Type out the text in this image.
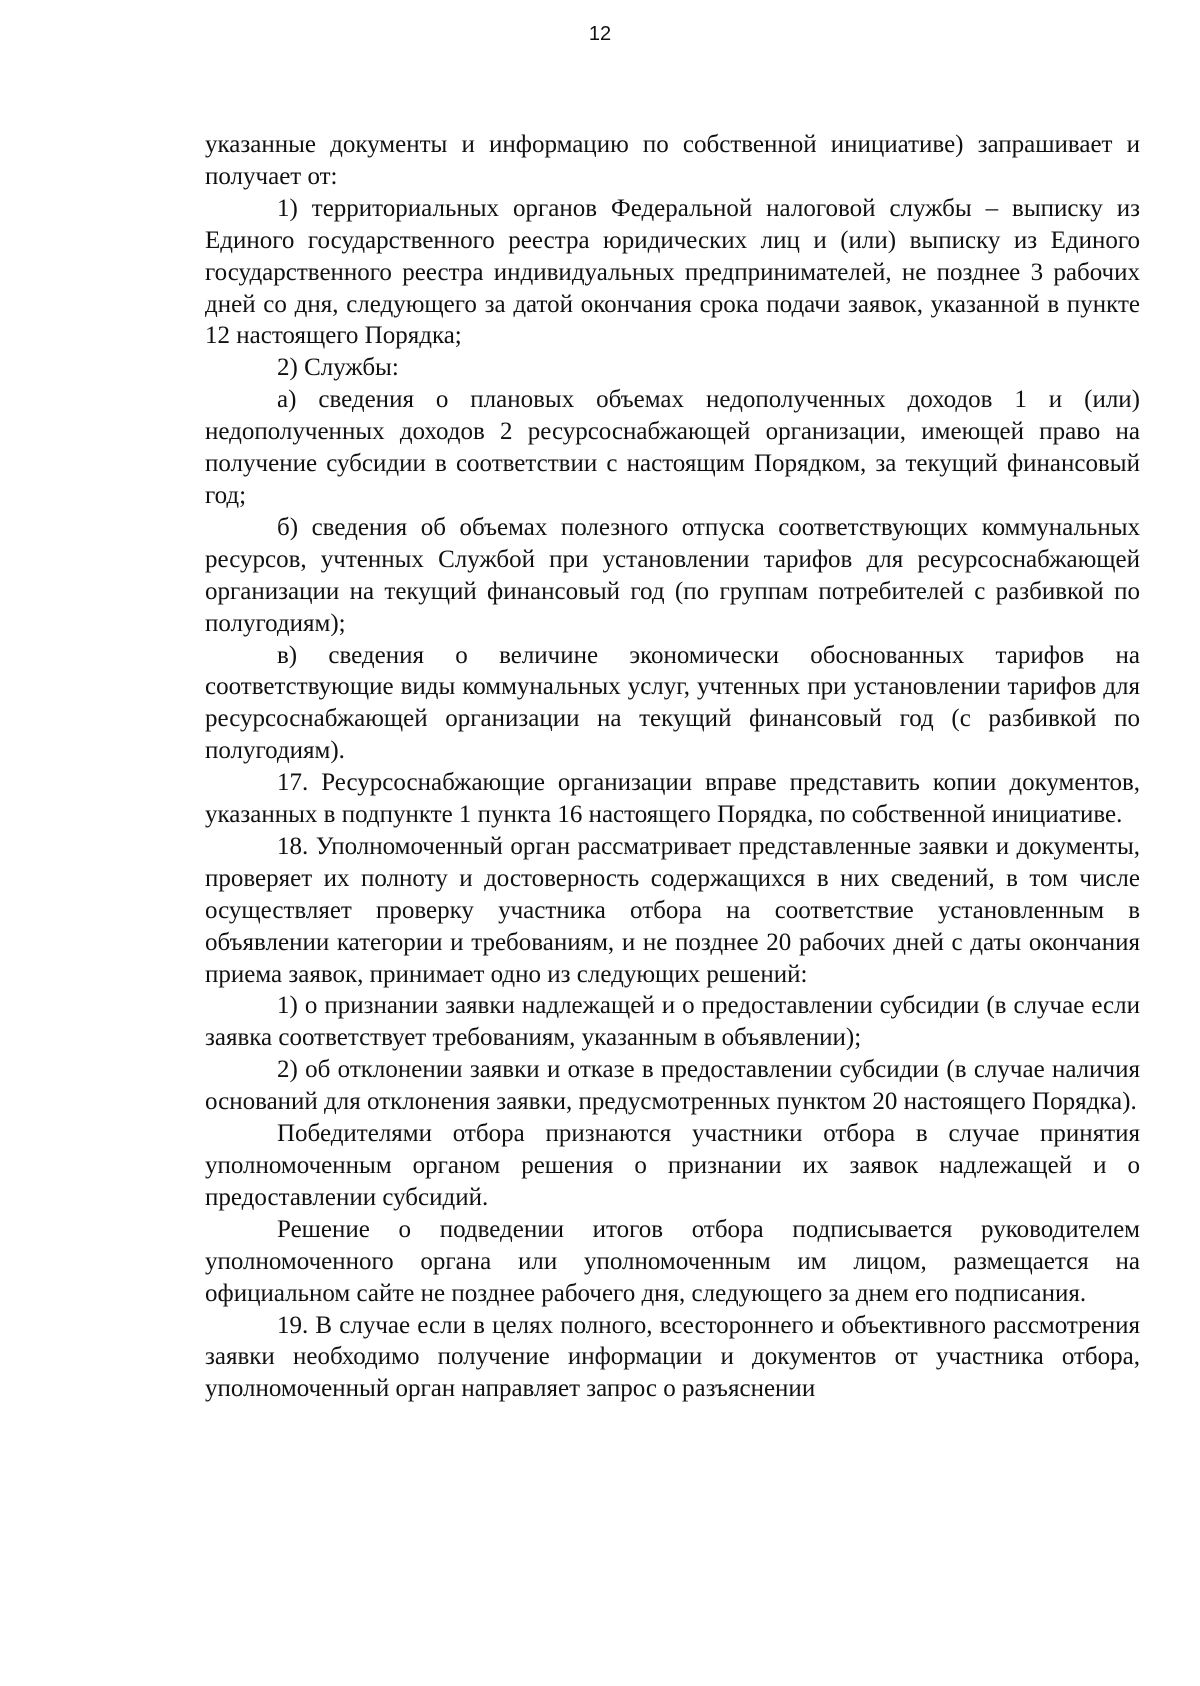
12

указанные документы и информацию по собственной инициативе) запрашивает и получает от:

1) территориальных органов Федеральной налоговой службы – выписку из Единого государственного реестра юридических лиц и (или) выписку из Единого государственного реестра индивидуальных предпринимателей, не позднее 3 рабочих дней со дня, следующего за датой окончания срока подачи заявок, указанной в пункте 12 настоящего Порядка;

2) Службы:

а) сведения о плановых объемах недополученных доходов 1 и (или) недополученных доходов 2 ресурсоснабжающей организации, имеющей право на получение субсидии в соответствии с настоящим Порядком, за текущий финансовый год;

б) сведения об объемах полезного отпуска соответствующих коммунальных ресурсов, учтенных Службой при установлении тарифов для ресурсоснабжающей организации на текущий финансовый год (по группам потребителей с разбивкой по полугодиям);

в) сведения о величине экономически обоснованных тарифов на соответствующие виды коммунальных услуг, учтенных при установлении тарифов для ресурсоснабжающей организации на текущий финансовый год (с разбивкой по полугодиям).

17. Ресурсоснабжающие организации вправе представить копии документов, указанных в подпункте 1 пункта 16 настоящего Порядка, по собственной инициативе.

18. Уполномоченный орган рассматривает представленные заявки и документы, проверяет их полноту и достоверность содержащихся в них сведений, в том числе осуществляет проверку участника отбора на соответствие установленным в объявлении категории и требованиям, и не позднее 20 рабочих дней с даты окончания приема заявок, принимает одно из следующих решений:

1) о признании заявки надлежащей и о предоставлении субсидии (в случае если заявка соответствует требованиям, указанным в объявлении);

2) об отклонении заявки и отказе в предоставлении субсидии (в случае наличия оснований для отклонения заявки, предусмотренных пунктом 20 настоящего Порядка).

Победителями отбора признаются участники отбора в случае принятия уполномоченным органом решения о признании их заявок надлежащей и о предоставлении субсидий.

Решение о подведении итогов отбора подписывается руководителем уполномоченного органа или уполномоченным им лицом, размещается на официальном сайте не позднее рабочего дня, следующего за днем его подписания.

19. В случае если в целях полного, всестороннего и объективного рассмотрения заявки необходимо получение информации и документов от участника отбора, уполномоченный орган направляет запрос о разъяснении
